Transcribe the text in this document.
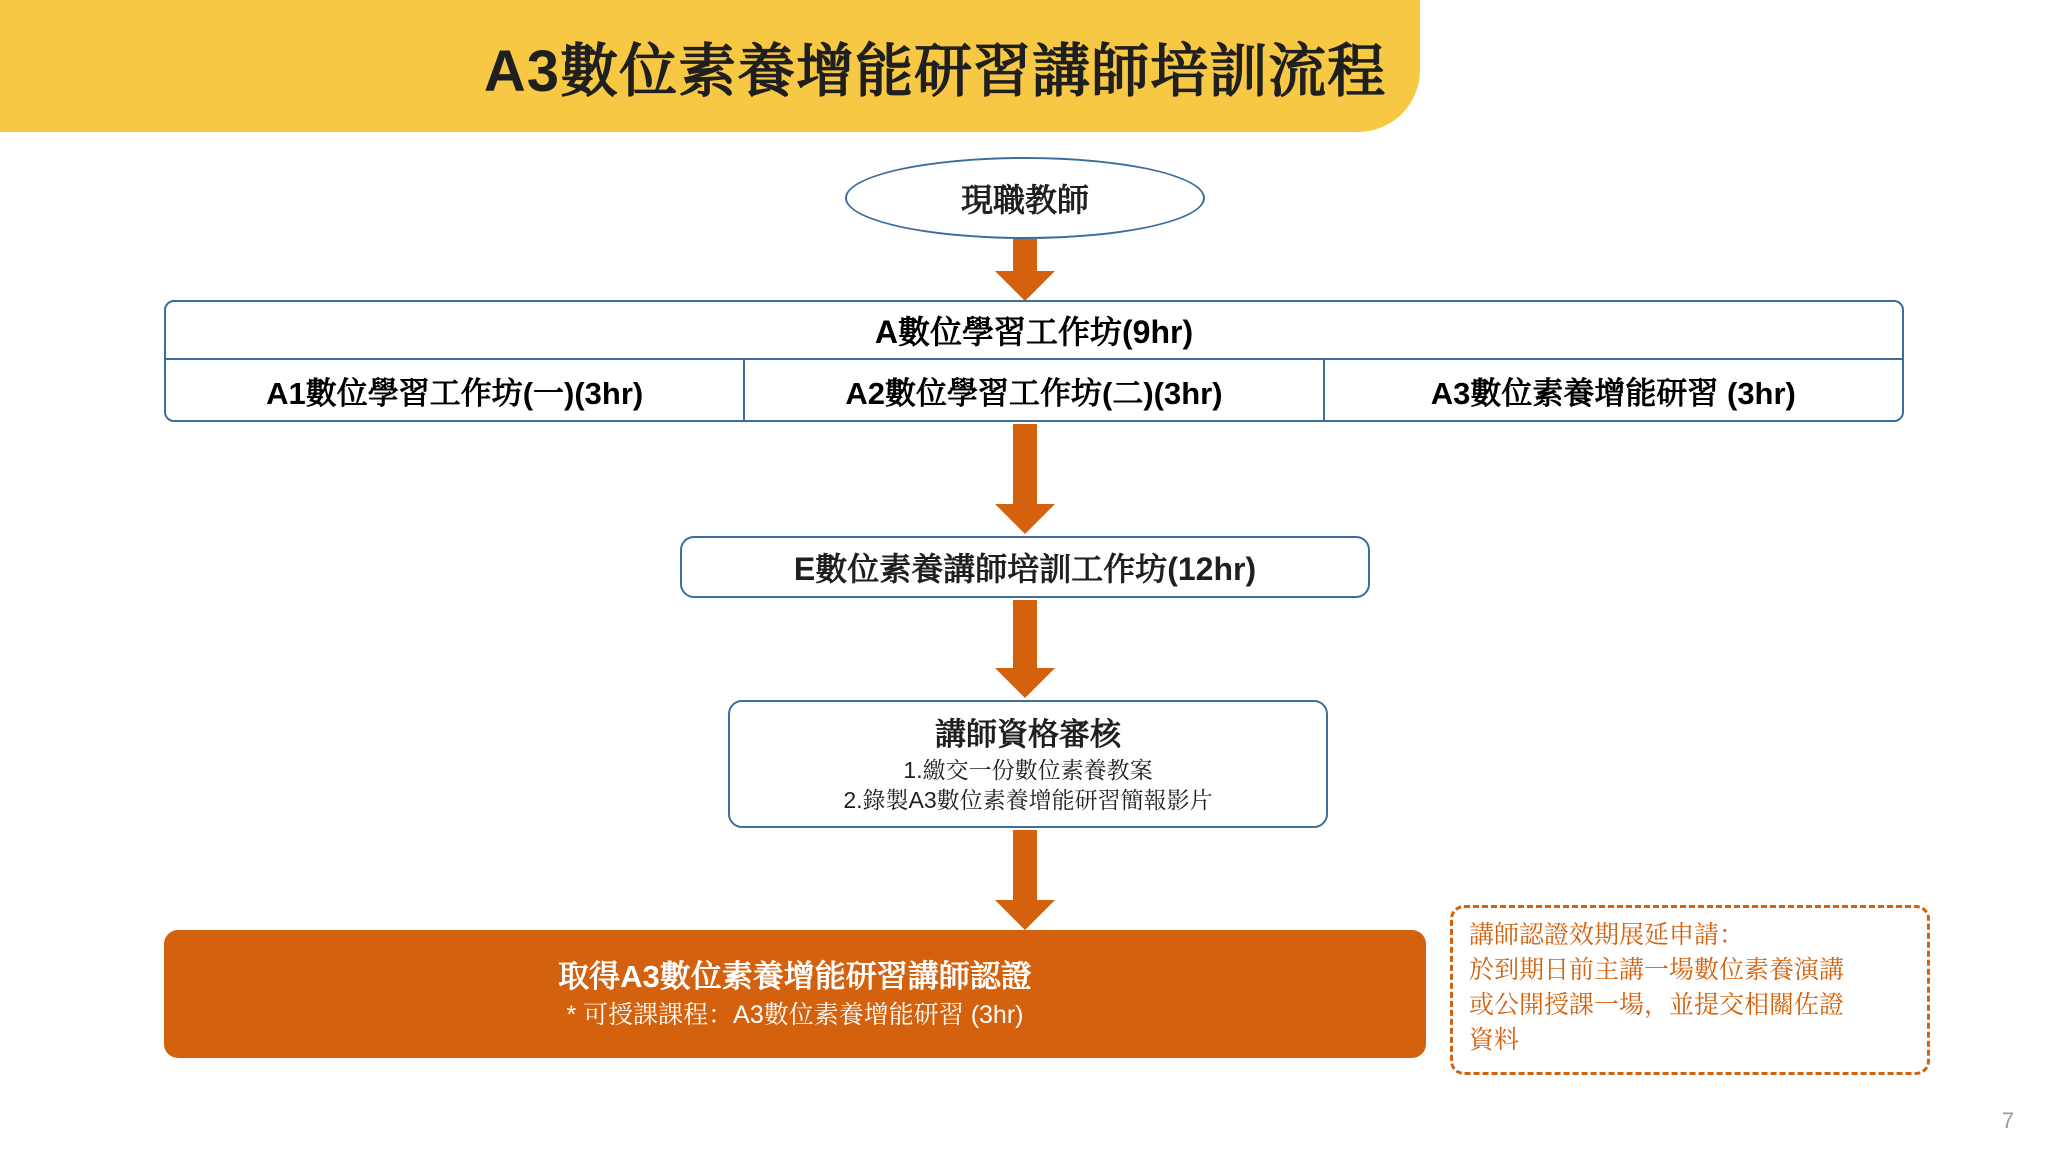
A3數位素養增能研習講師培訓流程
現職教師
A數位學習工作坊(9hr)
A1數位學習工作坊(一)(3hr)	A2數位學習工作坊(二)(3hr)	A3數位素養增能研習 (3hr)
E數位素養講師培訓工作坊(12hr)
講師資格審核
1.繳交一份數位素養教案
2.錄製A3數位素養增能研習簡報影片
取得A3數位素養增能研習講師認證
* 可授課課程：A3數位素養增能研習 (3hr)
講師認證效期展延申請：
於到期日前主講一場數位素養演講
或公開授課一場，並提交相關佐證
資料
7
